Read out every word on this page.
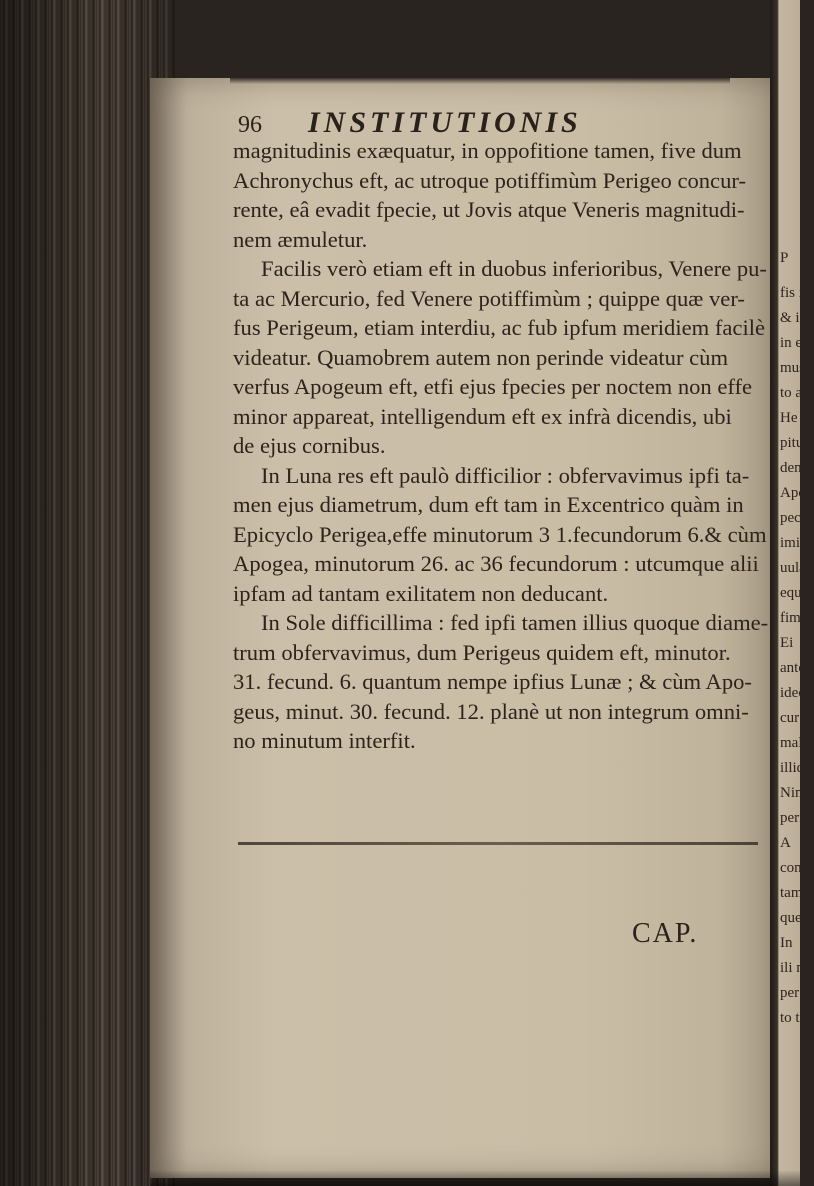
96 INSTITUTIONIS
magnitudinis exæquatur, in oppofitione tamen, five dum
Achronychus eft, ac utroque potiffimùm Perigeo concur-
rente, eâ evadit fpecie, ut Jovis atque Veneris magnitudi-
nem æmuletur.
Facilis verò etiam eft in duobus inferioribus, Venere pu-
ta ac Mercurio, fed Venere potiffimùm ; quippe quæ ver-
fus Perigeum, etiam interdiu, ac fub ipfum meridiem facilè
videatur. Quamobrem autem non perinde videatur cùm
verfus Apogeum eft, etfi ejus fpecies per noctem non effe
minor appareat, intelligendum eft ex infrà dicendis, ubi
de ejus cornibus.
In Luna res eft paulò difficilior : obfervavimus ipfi ta-
men ejus diametrum, dum eft tam in Excentrico quàm in
Epicyclo Perigea,effe minutorum 3 1.fecundorum 6.& cùm
Apogea, minutorum 26. ac 36 fecundorum : utcumque alii
ipfam ad tantam exilitatem non deducant.
In Sole difficillima : fed ipfi tamen illius quoque diame-
trum obfervavimus, dum Perigeus quidem eft, minutor.
31. fecund. 6. quantum nempe ipfius Lunæ ; & cùm Apo-
geus, minut. 30. fecund. 12. planè ut non integrum omni-
no minutum interfit.
CAP.
P
fis in
& inc
in eo
mus i
to al
He
pitud
dens
Apo
pece
imi
uula
equa
fime
Ei
ante
ideò
cur e
mal
illiq
Nim
peri
A
conf
tam
que e
In
ili n
per
to te
